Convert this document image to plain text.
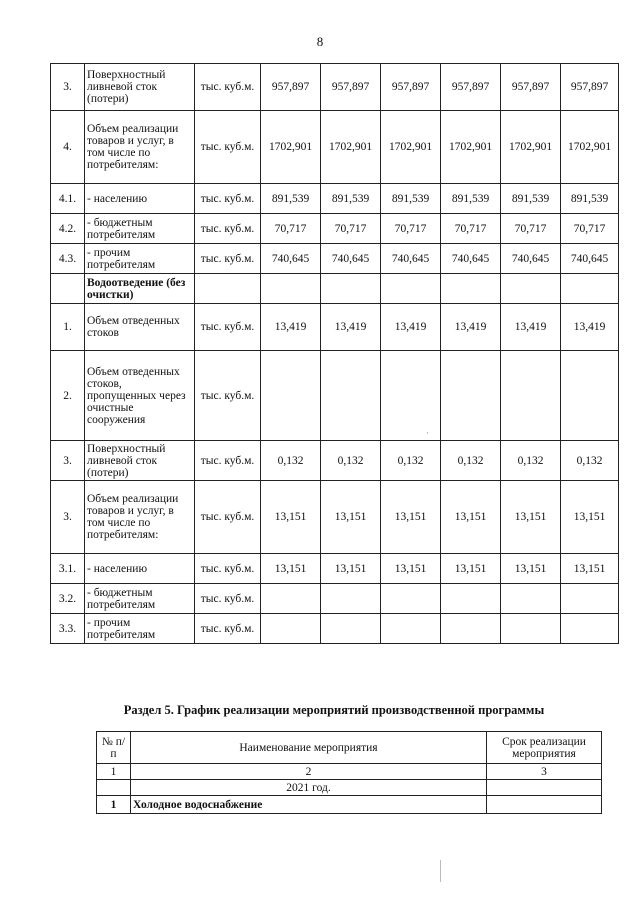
8
3.	Поверхностный ливневой сток (потери)	тыс. куб.м.	957,897	957,897	957,897	957,897	957,897	957,897
4.	Объем реализации товаров и услуг, в том числе по потребителям:	тыс. куб.м.	1702,901	1702,901	1702,901	1702,901	1702,901	1702,901
4.1.	- населению	тыс. куб.м.	891,539	891,539	891,539	891,539	891,539	891,539
4.2.	- бюджетным потребителям	тыс. куб.м.	70,717	70,717	70,717	70,717	70,717	70,717
4.3.	- прочим потребителям	тыс. куб.м.	740,645	740,645	740,645	740,645	740,645	740,645
	Водоотведение (без очистки)							
1.	Объем отведенных стоков	тыс. куб.м.	13,419	13,419	13,419	13,419	13,419	13,419
2.	Объем отведенных стоков, пропущенных через очистные сооружения	тыс. куб.м.						
3.	Поверхностный ливневой сток (потери)	тыс. куб.м.	0,132	0,132	0,132	0,132	0,132	0,132
3.	Объем реализации товаров и услуг, в том числе по потребителям:	тыс. куб.м.	13,151	13,151	13,151	13,151	13,151	13,151
3.1.	- населению	тыс. куб.м.	13,151	13,151	13,151	13,151	13,151	13,151
3.2.	- бюджетным потребителям	тыс. куб.м.						
3.3.	- прочим потребителям	тыс. куб.м.						
Раздел 5. График реализации мероприятий производственной программы
№ п/п	Наименование мероприятия	Срок реализации мероприятия
1	2	3
	2021 год.	
1	Холодное водоснабжение	
·
